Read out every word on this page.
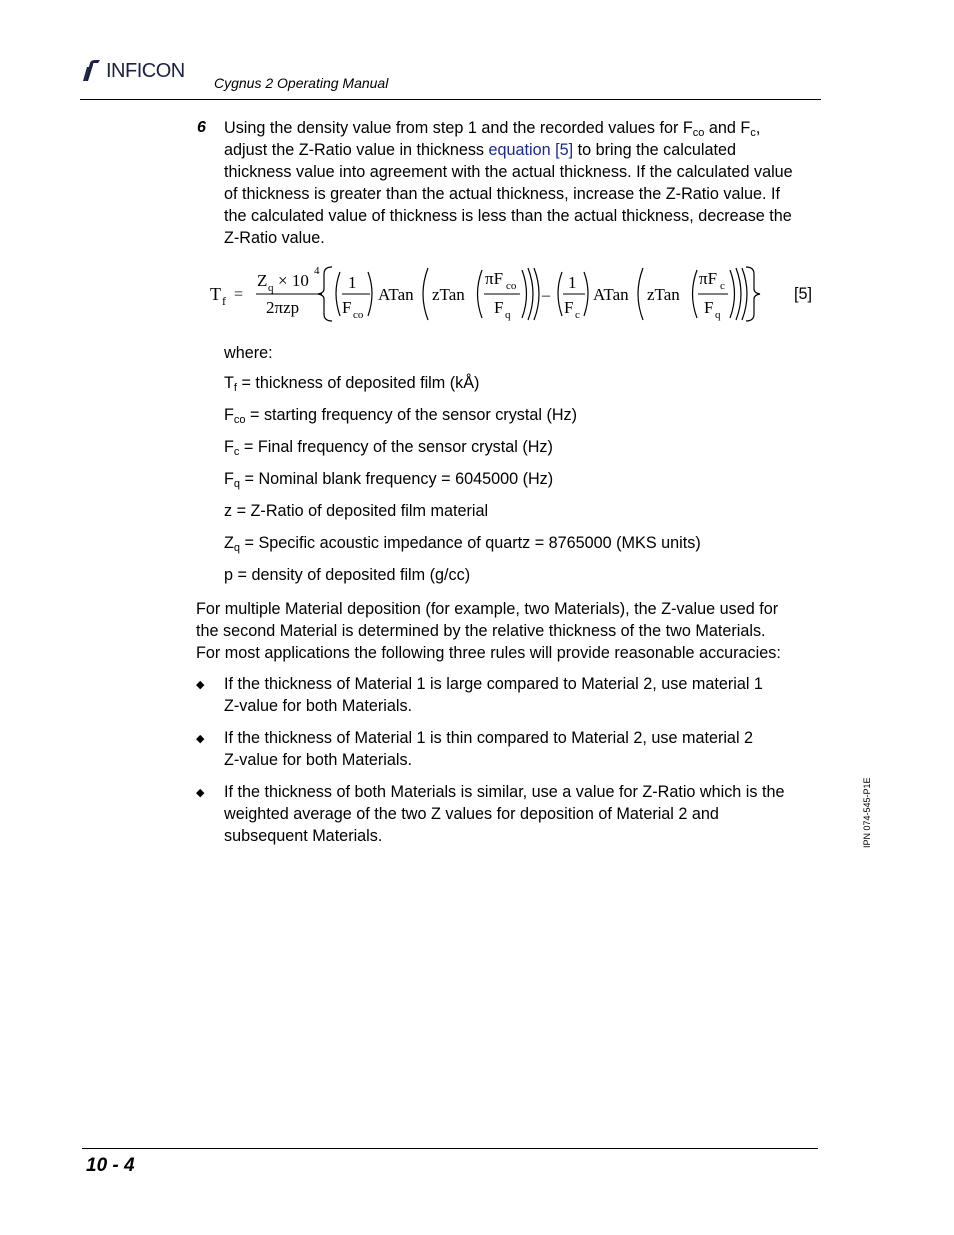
INFICON
Cygnus 2 Operating Manual
6 Using the density value from step 1 and the recorded values for $F_{co}$ and $F_c$,

adjust the Z-Ratio value in thickness equation [5] to bring the calculated

thickness value into agreement with the actual thickness. If the calculated value

of thickness is greater than the actual thickness, increase the Z-Ratio value. If

the calculated value of thickness is less than the actual thickness, decrease the

Z-Ratio value.

T f =
Z q × 10 4
2πzp
1
F co
ATan zTan
πF co
F q
–
1
F c
ATan zTan
πF c
F q
[5]
where:
$T_f$ = thickness of deposited film (kÅ)
$F_{co}$ = starting frequency of the sensor crystal (Hz)
$F_c$ = Final frequency of the sensor crystal (Hz)
$F_q$ = Nominal blank frequency = 6045000 (Hz)
z = Z-Ratio of deposited film material
$Z_q$ = Specific acoustic impedance of quartz = 8765000 (MKS units)
p = density of deposited film (g/cc)

For multiple Material deposition (for example, two Materials), the Z-value used for

the second Material is determined by the relative thickness of the two Materials.

For most applications the following three rules will provide reasonable accuracies:

◆ If the thickness of Material 1 is large compared to Material 2, use material 1

Z-value for both Materials.

◆ If the thickness of Material 1 is thin compared to Material 2, use material 2

Z-value for both Materials.

◆ If the thickness of both Materials is similar, use a value for Z-Ratio which is the

weighted average of the two Z values for deposition of Material 2 and

subsequent Materials.	IPN 074-545-P1E
10 - 4
